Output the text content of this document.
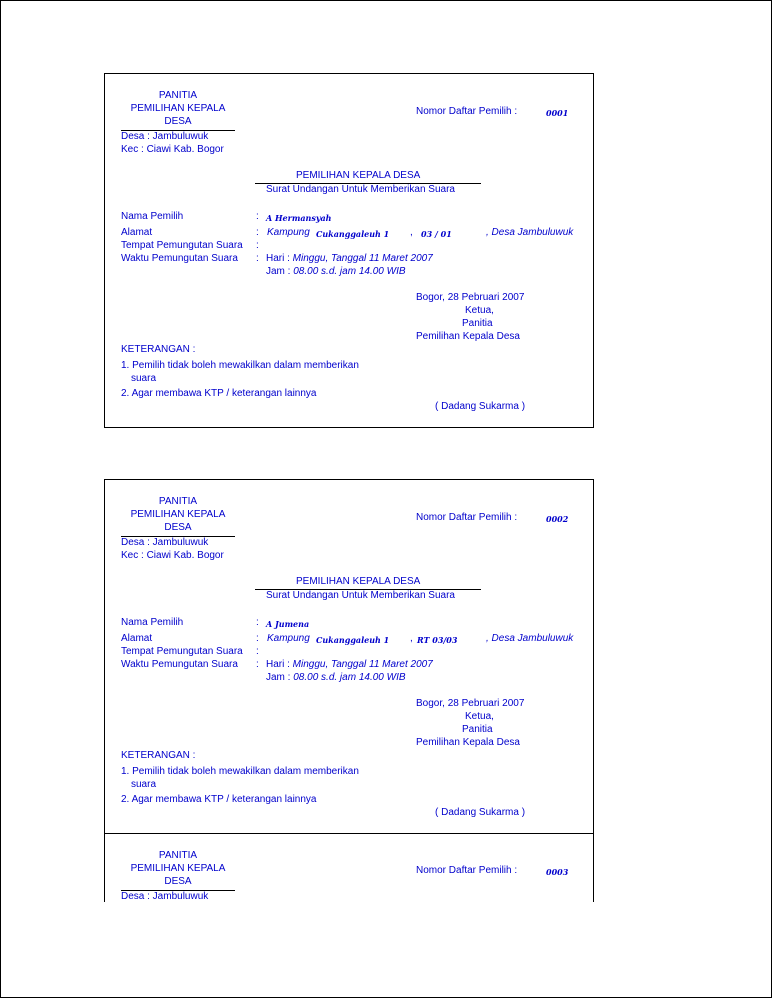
PANITIA
PEMILIHAN KEPALA
DESA
Desa : Jambuluwuk
Kec : Ciawi Kab. Bogor
Nomor Daftar Pemilih :	0001
PEMILIHAN KEPALA DESA
Surat Undangan Untuk Memberikan Suara
Nama Pemilih	: A Hermansyah
Alamat	: Kampung Cukanggaleuh 1 , 03 / 01	, Desa Jambuluwuk
Tempat Pemungutan Suara :
Waktu Pemungutan Suara : Hari : Minggu, Tanggal 11 Maret 2007
Jam : 08.00 s.d. jam 14.00 WIB
Bogor, 28 Pebruari 2007
Ketua,
Panitia
Pemilihan Kepala Desa
KETERANGAN :
1. Pemilih tidak boleh mewakilkan dalam memberikan
suara
2. Agar membawa KTP / keterangan lainnya
( Dadang Sukarma )
PANITIA
PEMILIHAN KEPALA
DESA
Desa : Jambuluwuk
Kec : Ciawi Kab. Bogor
Nomor Daftar Pemilih :	0002
PEMILIHAN KEPALA DESA
Surat Undangan Untuk Memberikan Suara
Nama Pemilih	: A Jumena
Alamat	: Kampung Cukanggaleuh 1 , RT 03/03	, Desa Jambuluwuk
Tempat Pemungutan Suara :
Waktu Pemungutan Suara : Hari : Minggu, Tanggal 11 Maret 2007
Jam : 08.00 s.d. jam 14.00 WIB
Bogor, 28 Pebruari 2007
Ketua,
Panitia
Pemilihan Kepala Desa
KETERANGAN :
1. Pemilih tidak boleh mewakilkan dalam memberikan
suara
2. Agar membawa KTP / keterangan lainnya
( Dadang Sukarma )
PANITIA
PEMILIHAN KEPALA
DESA
Desa : Jambuluwuk
Nomor Daftar Pemilih :	0003
